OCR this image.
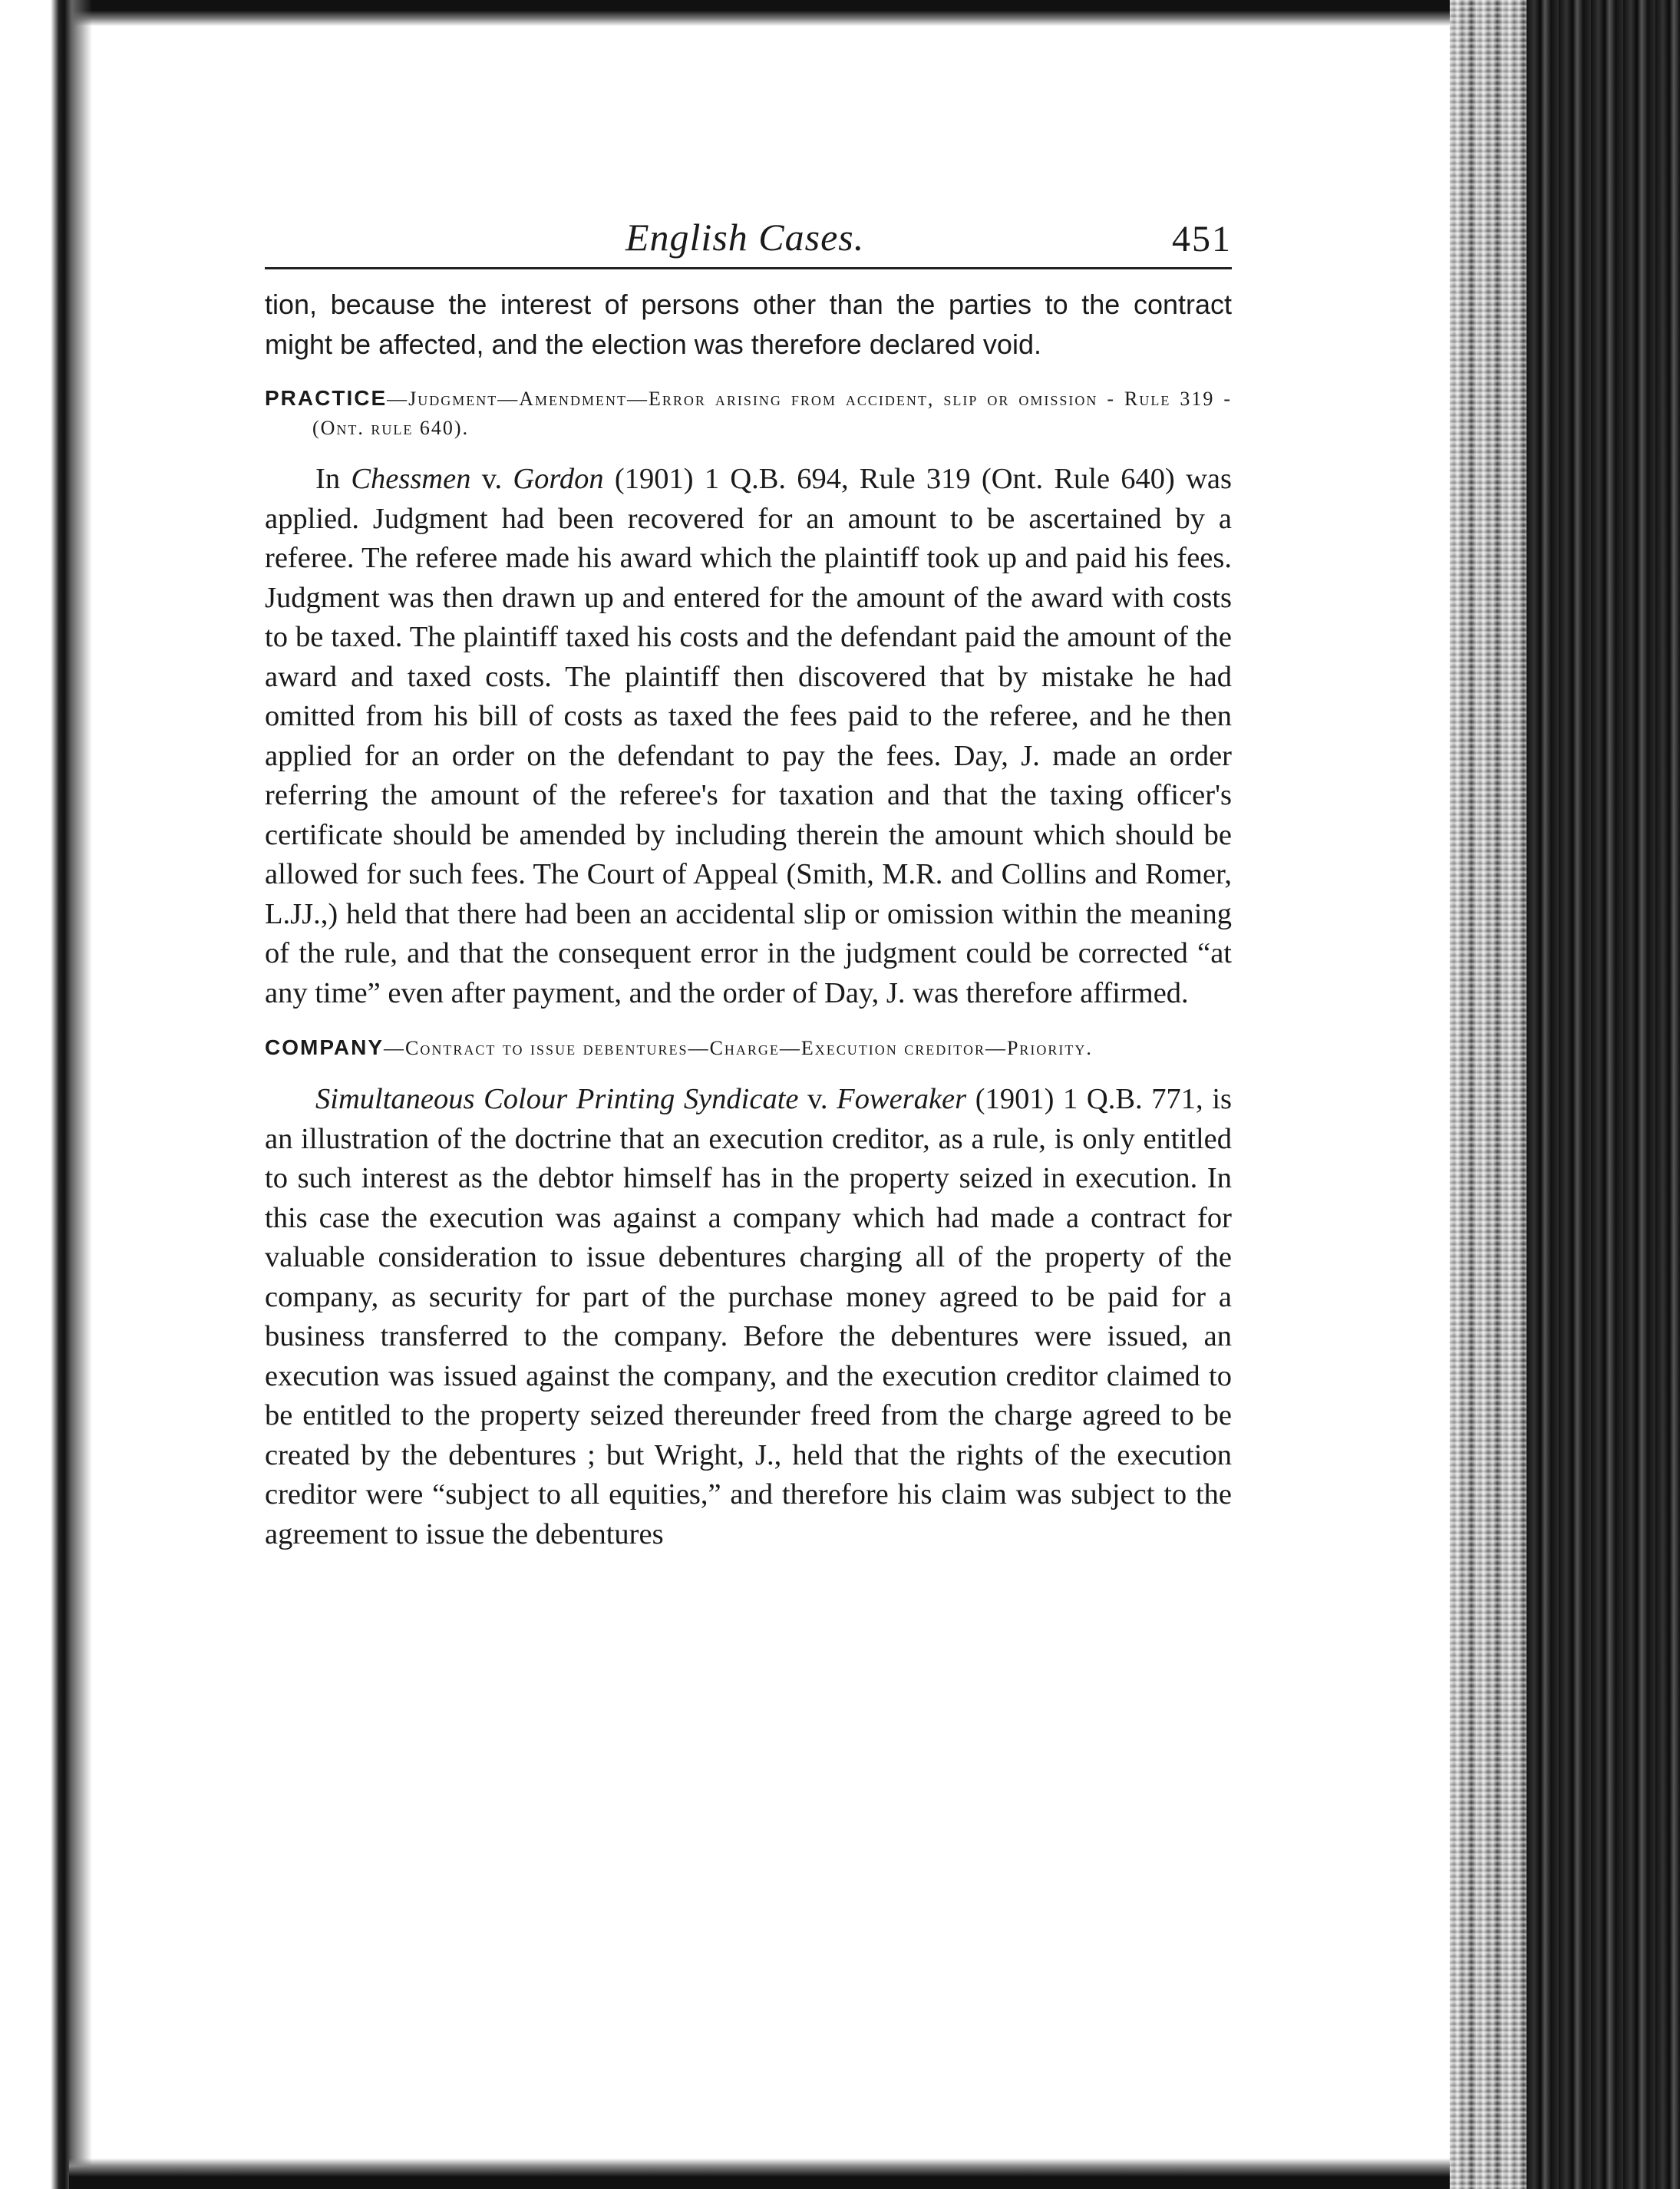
English Cases.	451

tion, because the interest of persons other than the parties to the contract might be affected, and the election was therefore declared void.

PRACTICE—Judgment—Amendment—Error arising from accident, slip or omission - Rule 319 -(Ont. rule 640).

In Chessmen v. Gordon (1901) 1 Q.B. 694, Rule 319 (Ont. Rule 640) was applied. Judgment had been recovered for an amount to be ascertained by a referee. The referee made his award which the plaintiff took up and paid his fees. Judgment was then drawn up and entered for the amount of the award with costs to be taxed. The plaintiff taxed his costs and the defendant paid the amount of the award and taxed costs. The plaintiff then discovered that by mistake he had omitted from his bill of costs as taxed the fees paid to the referee, and he then applied for an order on the defendant to pay the fees. Day, J. made an order referring the amount of the referee's for taxation and that the taxing officer's certificate should be amended by including therein the amount which should be allowed for such fees. The Court of Appeal (Smith, M.R. and Collins and Romer, L.JJ.,) held that there had been an accidental slip or omission within the meaning of the rule, and that the consequent error in the judgment could be corrected “at any time” even after payment, and the order of Day, J. was therefore affirmed.

COMPANY—Contract to issue debentures—Charge—Execution creditor—Priority.

Simultaneous Colour Printing Syndicate v. Foweraker (1901) 1 Q.B. 771, is an illustration of the doctrine that an execution creditor, as a rule, is only entitled to such interest as the debtor himself has in the property seized in execution. In this case the execution was against a company which had made a contract for valuable consideration to issue debentures charging all of the property of the company, as security for part of the purchase money agreed to be paid for a business transferred to the company. Before the debentures were issued, an execution was issued against the company, and the execution creditor claimed to be entitled to the property seized thereunder freed from the charge agreed to be created by the debentures ; but Wright, J., held that the rights of the execution creditor were “subject to all equities,” and therefore his claim was subject to the agreement to issue the debentures
